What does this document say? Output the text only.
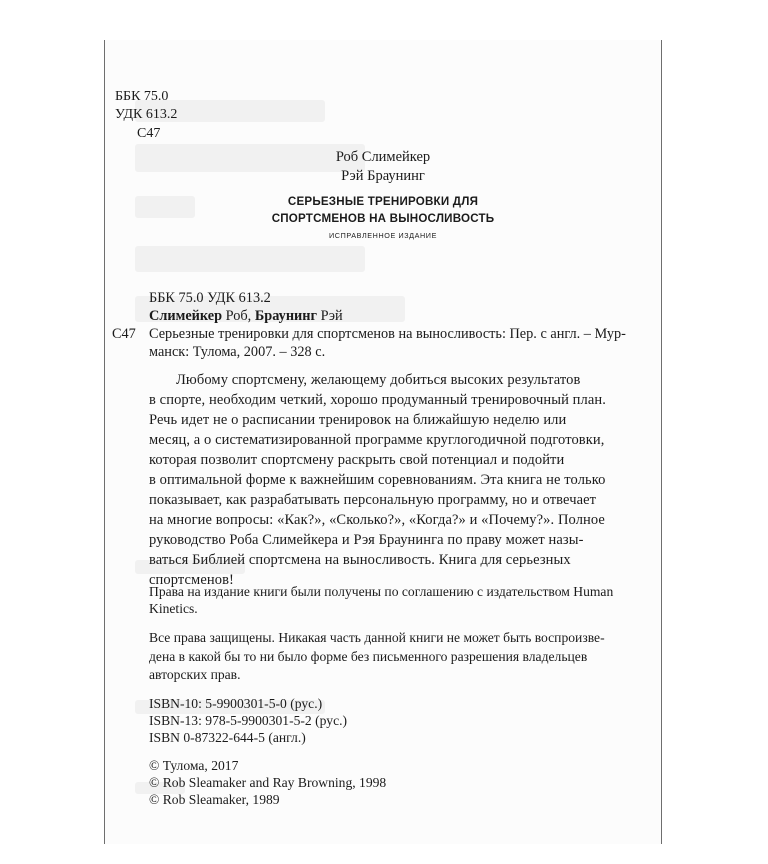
ББК 75.0
УДК 613.2
С47
Роб Слимейкер
Рэй Браунинг
СЕРЬЕЗНЫЕ ТРЕНИРОВКИ ДЛЯ
СПОРТСМЕНОВ НА ВЫНОСЛИВОСТЬ
ИСПРАВЛЕННОЕ ИЗДАНИЕ
ББК 75.0 УДК 613.2
Слимейкер Роб, Браунинг Рэй
С47 Серьезные тренировки для спортсменов на выносливость: Пер. с англ. – Мур-
манск: Тулома, 2007. – 328 с.
Любому спортсмену, желающему добиться высоких результатов
в спорте, необходим четкий, хорошо продуманный тренировочный план.
Речь идет не о расписании тренировок на ближайшую неделю или
месяц, а о систематизированной программе круглогодичной подготовки,
которая позволит спортсмену раскрыть свой потенциал и подойти
в оптимальной форме к важнейшим соревнованиям. Эта книга не только
показывает, как разрабатывать персональную программу, но и отвечает
на многие вопросы: «Как?», «Сколько?», «Когда?» и «Почему?». Полное
руководство Роба Слимейкера и Рэя Браунинга по праву может назы-
ваться Библией спортсмена на выносливость. Книга для серьезных
спортсменов!
Права на издание книги были получены по соглашению с издательством Human
Kinetics.
Все права защищены. Никакая часть данной книги не может быть воспроизве-
дена в какой бы то ни было форме без письменного разрешения владельцев
авторских прав.
ISBN-10: 5-9900301-5-0 (рус.)
ISBN-13: 978-5-9900301-5-2 (рус.)
ISBN 0-87322-644-5 (англ.)
© Тулома, 2017
© Rob Sleamaker and Ray Browning, 1998
© Rob Sleamaker, 1989
